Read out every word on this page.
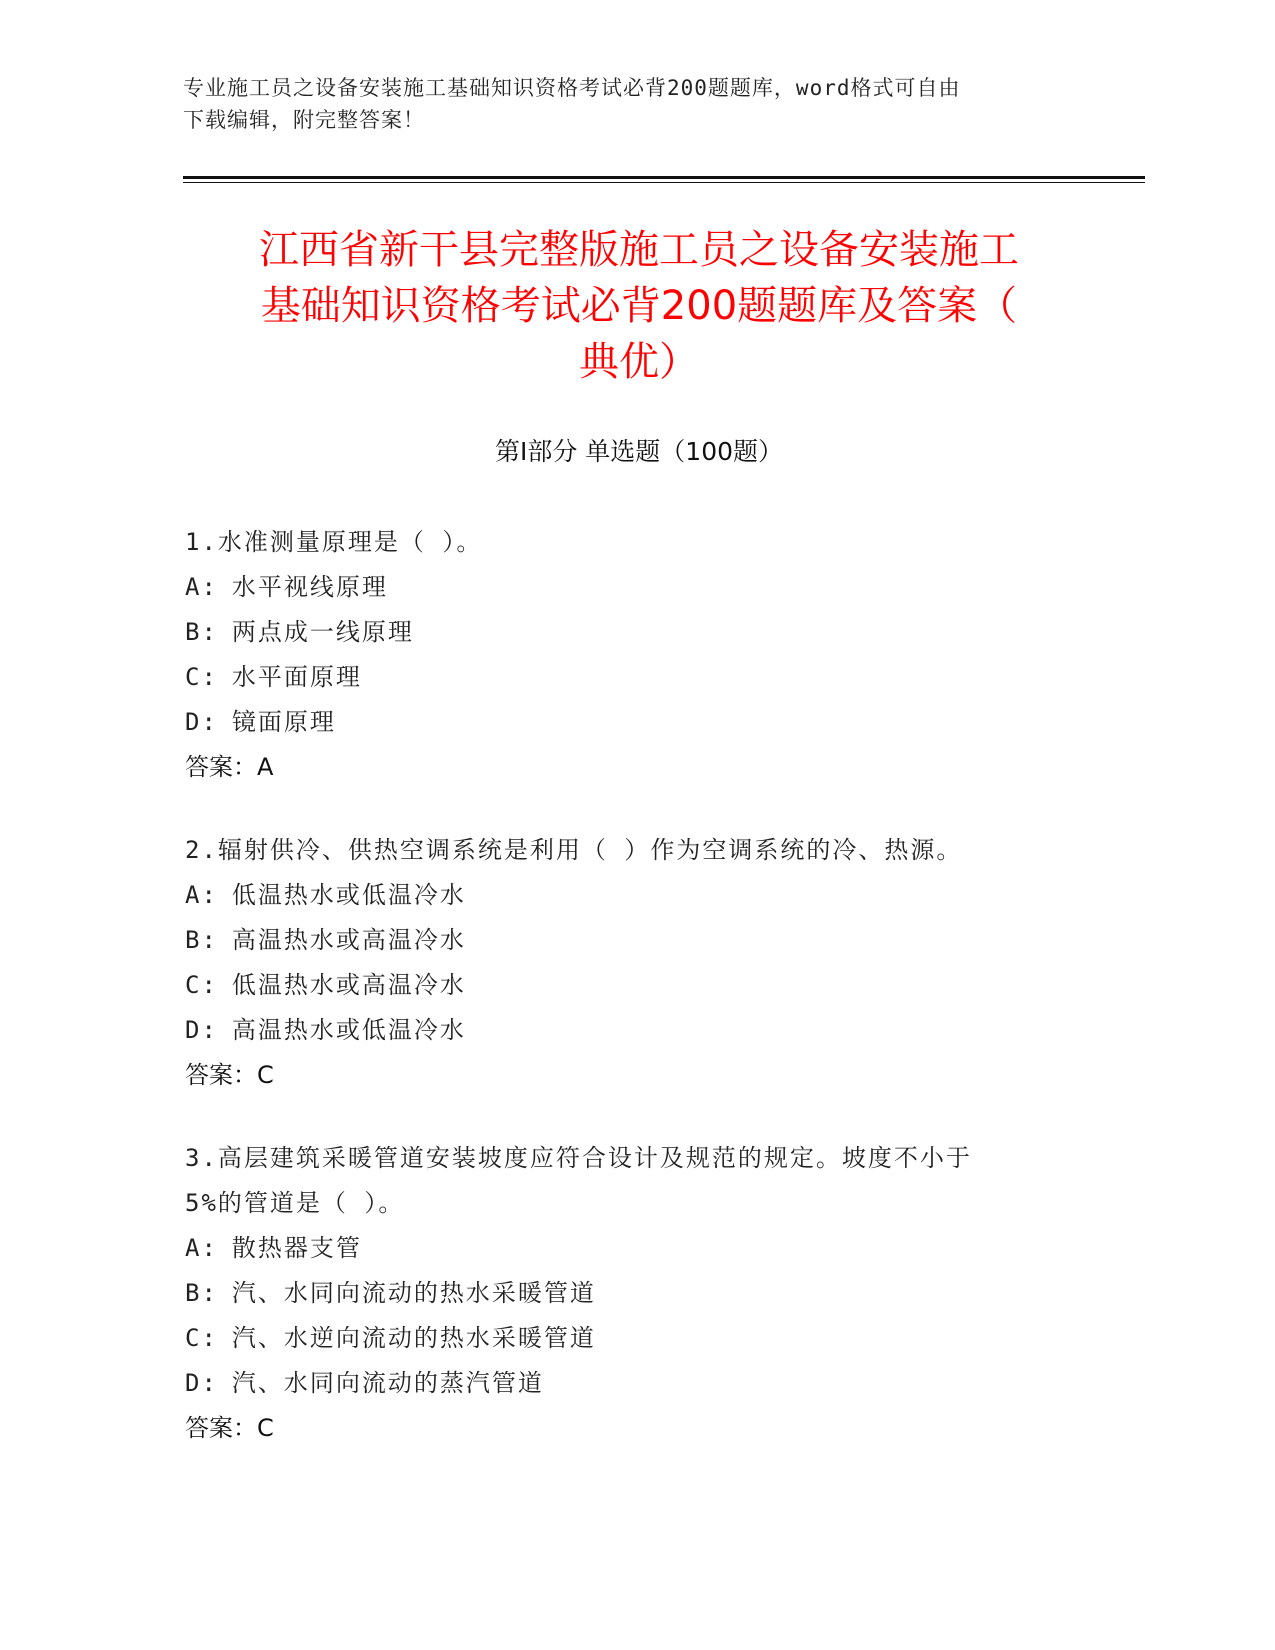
专业施工员之设备安装施工基础知识资格考试必背200题题库，word格式可自由
下载编辑，附完整答案！
江西省新干县完整版施工员之设备安装施工
基础知识资格考试必背200题题库及答案（
典优）
第Ⅰ部分 单选题（100题）
1.水准测量原理是（ ）。
A: 水平视线原理
B: 两点成一线原理
C: 水平面原理
D: 镜面原理
答案：A
2.辐射供冷、供热空调系统是利用（ ）作为空调系统的冷、热源。
A: 低温热水或低温冷水
B: 高温热水或高温冷水
C: 低温热水或高温冷水
D: 高温热水或低温冷水
答案：C
3.高层建筑采暖管道安装坡度应符合设计及规范的规定。坡度不小于
5%的管道是（ ）。
A: 散热器支管
B: 汽、水同向流动的热水采暖管道
C: 汽、水逆向流动的热水采暖管道
D: 汽、水同向流动的蒸汽管道
答案：C
